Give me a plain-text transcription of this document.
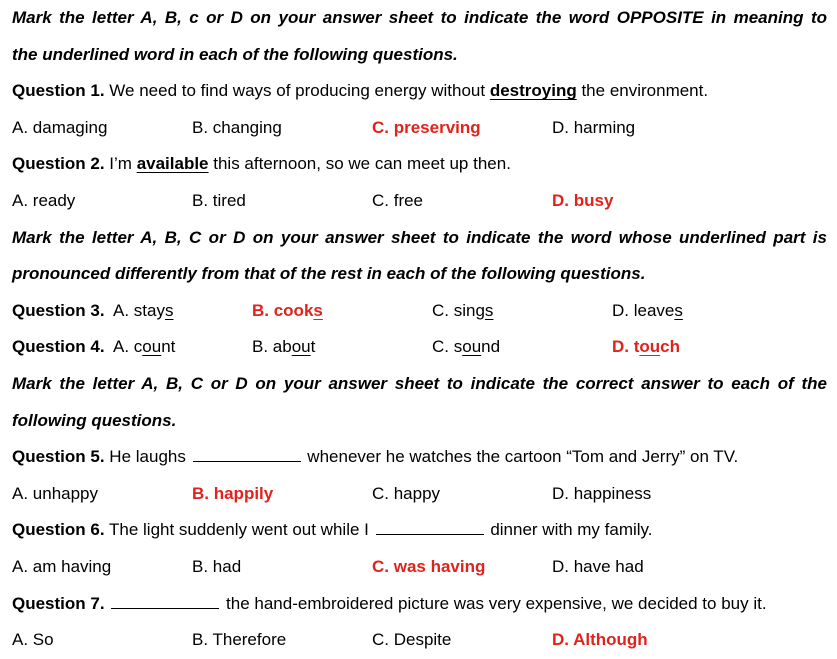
Mark the letter A, B, c or D on your answer sheet to indicate the word OPPOSITE in meaning to
the underlined word in each of the following questions.
Question 1. We need to find ways of producing energy without destroying the environment.
A. damaging	B. changing	C. preserving	D. harming
Question 2. I’m available this afternoon, so we can meet up then.
A. ready	B. tired	C. free	D. busy
Mark the letter A, B, C or D on your answer sheet to indicate the word whose underlined part is
pronounced differently from that of the rest in each of the following questions.
Question 3. A. stays	B. cooks	C. sings	D. leaves
Question 4. A. count	B. about	C. sound	D. touch
Mark the letter A, B, C or D on your answer sheet to indicate the correct answer to each of the
following questions.
Question 5. He laughs	whenever he watches the cartoon “Tom and Jerry” on TV.
A. unhappy	B. happily	C. happy	D. happiness
Question 6. The light suddenly went out while I	dinner with my family.
A. am having	B. had	C. was having	D. have had
Question 7.	the hand-embroidered picture was very expensive, we decided to buy it.
A. So	B. Therefore	C. Despite	D. Although
